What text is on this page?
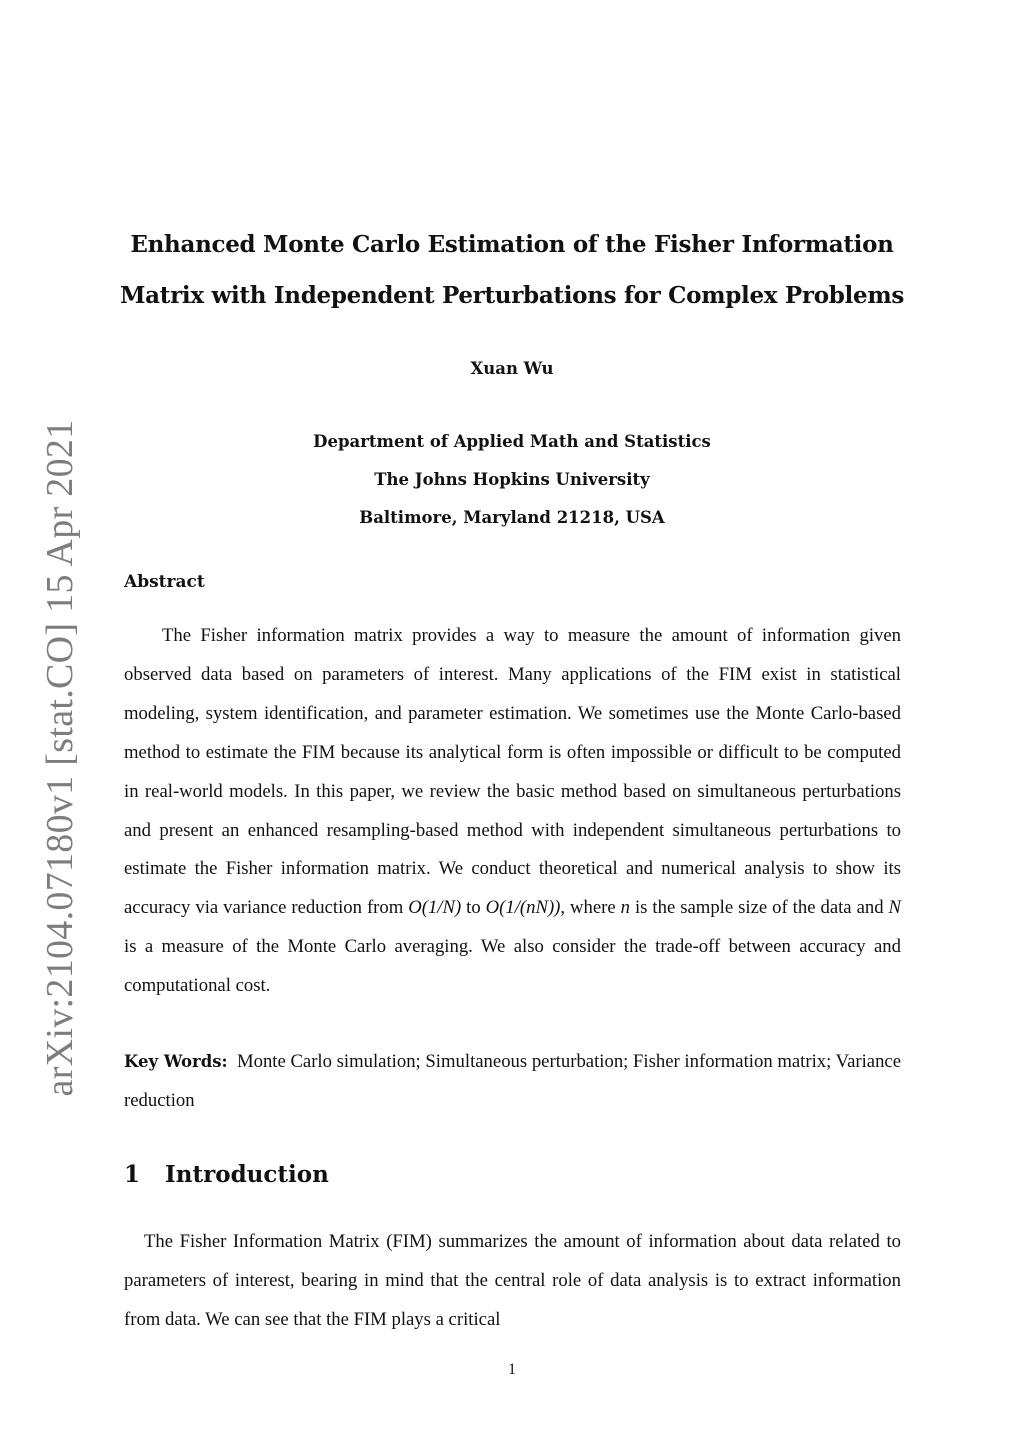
arXiv:2104.07180v1 [stat.CO] 15 Apr 2021
Enhanced Monte Carlo Estimation of the Fisher Information
Matrix with Independent Perturbations for Complex Problems
Xuan Wu
Department of Applied Math and Statistics
The Johns Hopkins University
Baltimore, Maryland 21218, USA
Abstract

The Fisher information matrix provides a way to measure the amount of information given observed data based on parameters of interest. Many applications of the FIM exist in statistical modeling, system identification, and parameter estimation. We sometimes use the Monte Carlo-based method to estimate the FIM because its analytical form is often impossible or difficult to be computed in real-world models. In this paper, we review the basic method based on simultaneous perturbations and present an enhanced resampling-based method with independent simultaneous perturbations to estimate the Fisher information matrix. We conduct theoretical and numerical analysis to show its accuracy via variance reduction from O(1/N) to O(1/(nN)), where n is the sample size of the data and N is a measure of the Monte Carlo averaging. We also consider the trade-off between accuracy and computational cost.

Key Words: Monte Carlo simulation; Simultaneous perturbation; Fisher information matrix; Variance reduction

1 Introduction

The Fisher Information Matrix (FIM) summarizes the amount of information about data related to parameters of interest, bearing in mind that the central role of data analysis is to extract information from data. We can see that the FIM plays a critical

1
